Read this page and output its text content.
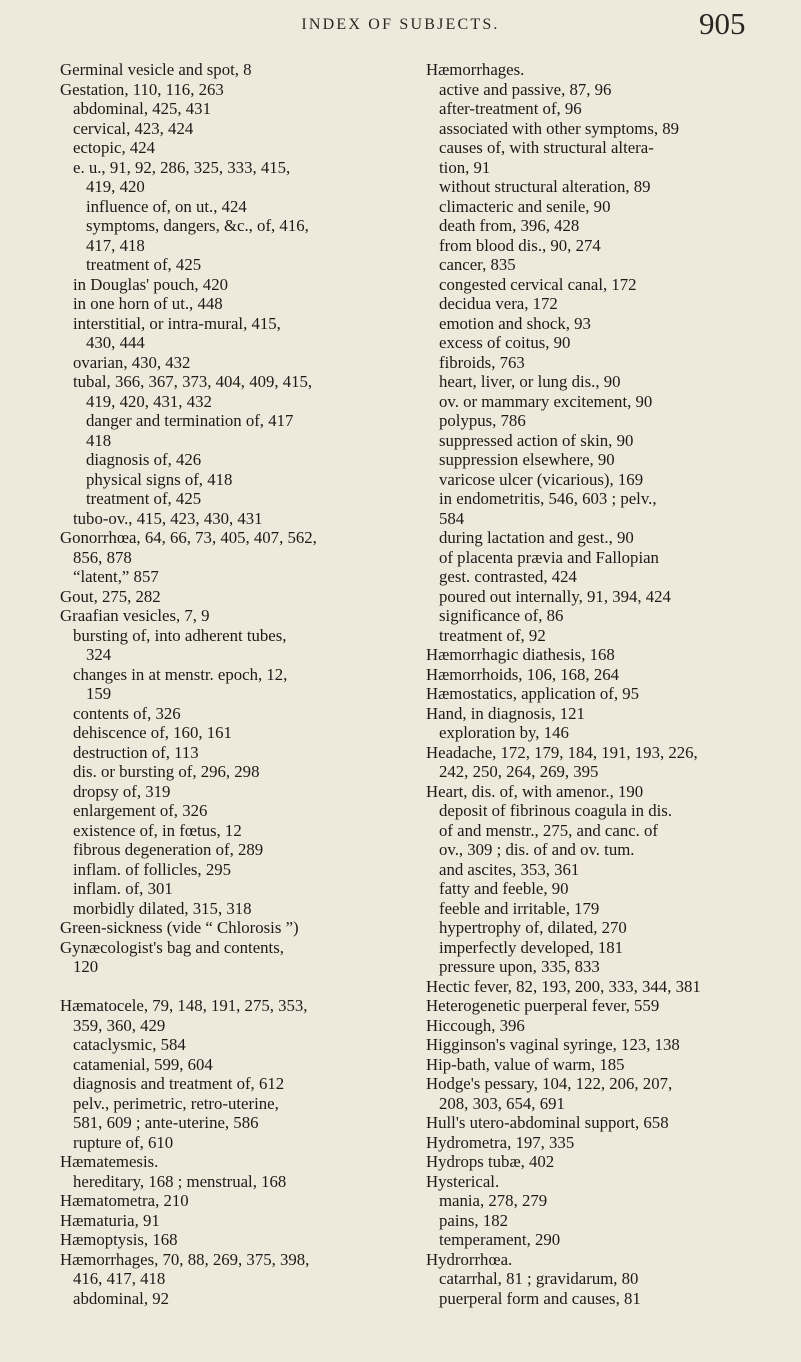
INDEX OF SUBJECTS.	905
Germinal vesicle and spot, 8
Gestation, 110, 116, 263
abdominal, 425, 431
cervical, 423, 424
ectopic, 424
e. u., 91, 92, 286, 325, 333, 415,
419, 420
influence of, on ut., 424
symptoms, dangers, &c., of, 416,
417, 418
treatment of, 425
in Douglas' pouch, 420
in one horn of ut., 448
interstitial, or intra-mural, 415,
430, 444
ovarian, 430, 432
tubal, 366, 367, 373, 404, 409, 415,
419, 420, 431, 432
danger and termination of, 417
418
diagnosis of, 426
physical signs of, 418
treatment of, 425
tubo-ov., 415, 423, 430, 431
Gonorrhœa, 64, 66, 73, 405, 407, 562,
856, 878
“latent,” 857
Gout, 275, 282
Graafian vesicles, 7, 9
bursting of, into adherent tubes,
324
changes in at menstr. epoch, 12,
159
contents of, 326
dehiscence of, 160, 161
destruction of, 113
dis. or bursting of, 296, 298
dropsy of, 319
enlargement of, 326
existence of, in fœtus, 12
fibrous degeneration of, 289
inflam. of follicles, 295
inflam. of, 301
morbidly dilated, 315, 318
Green-sickness (vide “ Chlorosis ”)
Gynæcologist's bag and contents,
120
Hæmatocele, 79, 148, 191, 275, 353,
359, 360, 429
cataclysmic, 584
catamenial, 599, 604
diagnosis and treatment of, 612
pelv., perimetric, retro-uterine,
581, 609 ; ante-uterine, 586
rupture of, 610
Hæmatemesis.
hereditary, 168 ; menstrual, 168
Hæmatometra, 210
Hæmaturia, 91
Hæmoptysis, 168
Hæmorrhages, 70, 88, 269, 375, 398,
416, 417, 418
abdominal, 92
Hæmorrhages.
active and passive, 87, 96
after-treatment of, 96
associated with other symptoms, 89
causes of, with structural altera-
tion, 91
without structural alteration, 89
climacteric and senile, 90
death from, 396, 428
from blood dis., 90, 274
cancer, 835
congested cervical canal, 172
decidua vera, 172
emotion and shock, 93
excess of coitus, 90
fibroids, 763
heart, liver, or lung dis., 90
ov. or mammary excitement, 90
polypus, 786
suppressed action of skin, 90
suppression elsewhere, 90
varicose ulcer (vicarious), 169
in endometritis, 546, 603 ; pelv.,
584
during lactation and gest., 90
of placenta prævia and Fallopian
gest. contrasted, 424
poured out internally, 91, 394, 424
significance of, 86
treatment of, 92
Hæmorrhagic diathesis, 168
Hæmorrhoids, 106, 168, 264
Hæmostatics, application of, 95
Hand, in diagnosis, 121
exploration by, 146
Headache, 172, 179, 184, 191, 193, 226,
242, 250, 264, 269, 395
Heart, dis. of, with amenor., 190
deposit of fibrinous coagula in dis.
of and menstr., 275, and canc. of
ov., 309 ; dis. of and ov. tum.
and ascites, 353, 361
fatty and feeble, 90
feeble and irritable, 179
hypertrophy of, dilated, 270
imperfectly developed, 181
pressure upon, 335, 833
Hectic fever, 82, 193, 200, 333, 344, 381
Heterogenetic puerperal fever, 559
Hiccough, 396
Higginson's vaginal syringe, 123, 138
Hip-bath, value of warm, 185
Hodge's pessary, 104, 122, 206, 207,
208, 303, 654, 691
Hull's utero-abdominal support, 658
Hydrometra, 197, 335
Hydrops tubæ, 402
Hysterical.
mania, 278, 279
pains, 182
temperament, 290
Hydrorrhœa.
catarrhal, 81 ; gravidarum, 80
puerperal form and causes, 81
